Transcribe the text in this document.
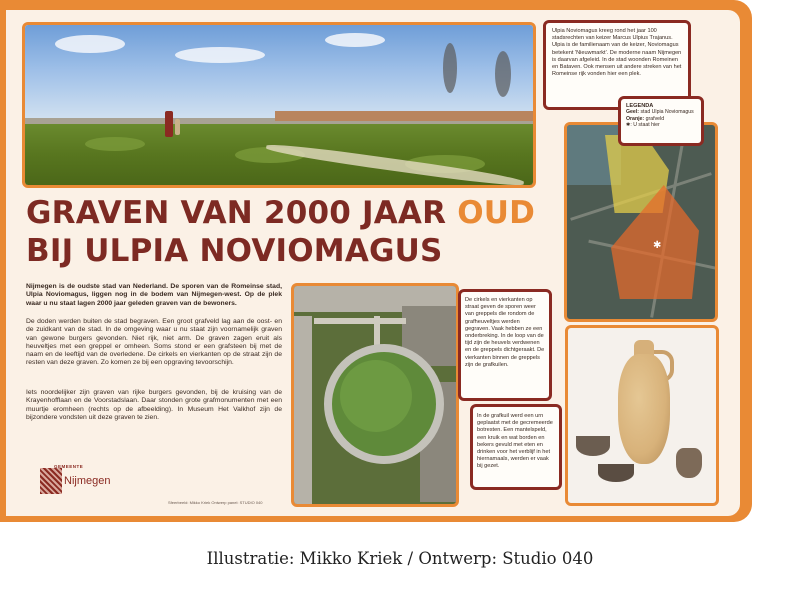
GRAVEN VAN 2000 JAAR OUD
BIJ ULPIA NOVIOMAGUS

Nijmegen is de oudste stad van Nederland. De sporen van de Romeinse stad, Ulpia Noviomagus, liggen nog in de bodem van Nijmegen-west. Op de plek waar u nu staat lagen 2000 jaar geleden graven van de bewoners.

De doden werden buiten de stad begraven. Een groot grafveld lag aan de oost- en de zuidkant van de stad. In de omgeving waar u nu staat zijn voornamelijk graven van gewone burgers gevonden. Niet rijk, niet arm. De graven zagen eruit als heuveltjes met een greppel er omheen. Soms stond er een grafsteen bij met de naam en de leeftijd van de overledene. De cirkels en vierkanten op de straat zijn de resten van deze graven. Zo komen ze bij een opgraving tevoorschijn.

Iets noordelijker zijn graven van rijke burgers gevonden, bij de kruising van de Krayenhofflaan en de Voorstadslaan. Daar stonden grote grafmonumenten met een muurtje eromheen (rechts op de afbeelding). In Museum Het Valkhof zijn de bijzondere vondsten uit deze graven te zien.

GEMEENTE
Nijmegen
Sfeerbeeld: Mikko Kriek Ontwerp panel: STUDIO 040

De cirkels en vierkanten op straat geven de sporen weer van greppels die rondom de grafheuveltjes werden gegraven. Vaak hebben ze een onderbreking. In de loop van de tijd zijn de heuvels verdwenen en de greppels dichtgeraakt. De vierkanten binnen de greppels zijn de grafkuilen.

In de grafkuil werd een urn geplaatst met de gecremeerde botresten. Een mantelspeld, een kruik en wat borden en bekers gevuld met eten en drinken voor het verblijf in het hiernamaals, werden er vaak bij gezet.

Ulpia Noviomagus kreeg rond het jaar 100 stadsrechten van keizer Marcus Ulpius Trajanus. Ulpia is de familienaam van de keizer, Noviomagus betekent 'Nieuwmarkt'. De moderne naam Nijmegen is daarvan afgeleid. In de stad woonden Romeinen en Bataven. Ook mensen uit andere streken van het Romeinse rijk vonden hier een plek.

✱
LEGENDA
Geel: stad Ulpia Noviomagus
Oranje: grafveld
✱: U staat hier

Illustratie: Mikko Kriek / Ontwerp: Studio 040
